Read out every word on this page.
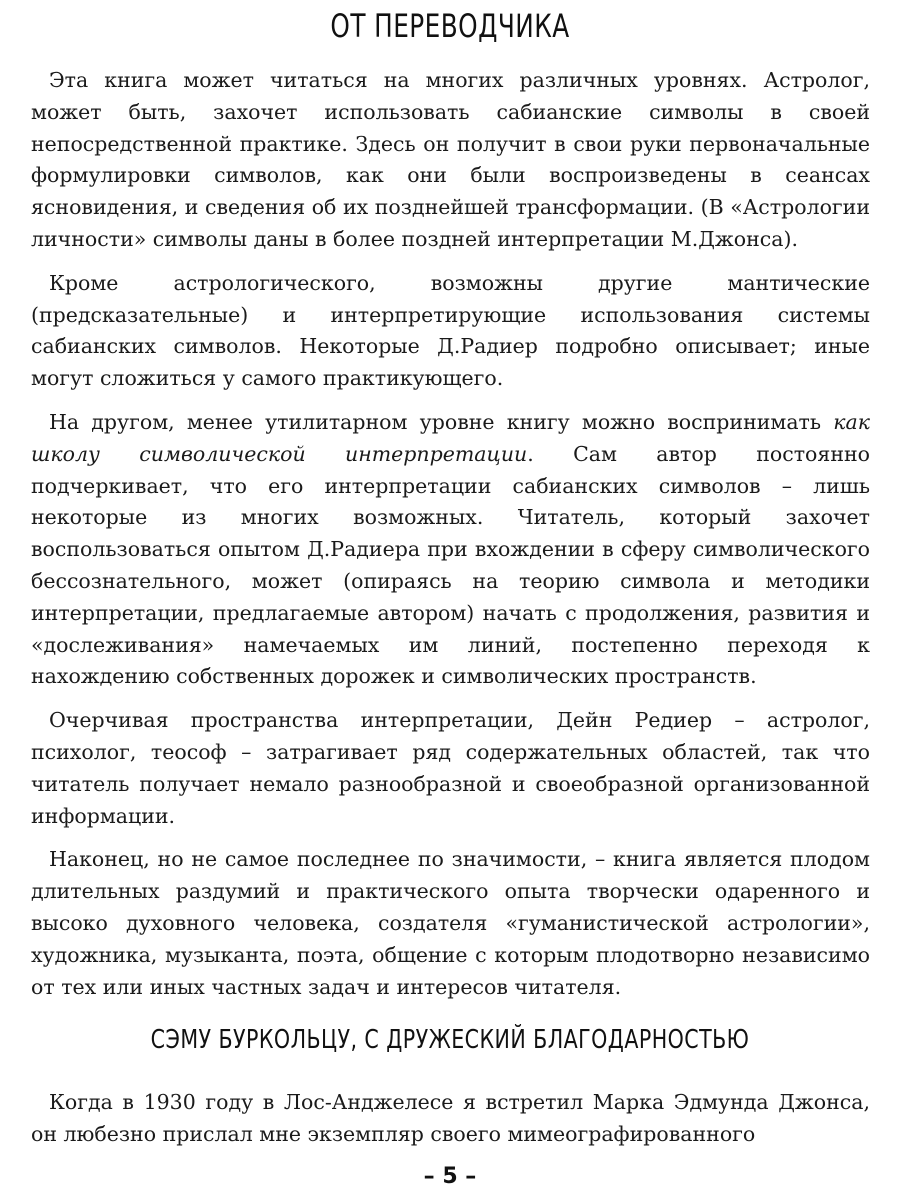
ОТ ПЕРЕВОДЧИКА

Эта книга может читаться на многих различных уровнях. Астролог, может быть, захочет использовать сабианские символы в своей непосредственной практике. Здесь он получит в свои руки первоначальные формулировки символов, как они были воспроизведены в сеансах ясновидения, и сведения об их позднейшей трансформации. (В «Астрологии личности» символы даны в более поздней интерпретации М.Джонса).

Кроме астрологического, возможны другие мантические (предсказательные) и интерпретирующие использования системы сабианских символов. Некоторые Д.Радиер подробно описывает; иные могут сложиться у самого практикующего.

На другом, менее утилитарном уровне книгу можно воспринимать как школу символической интерпретации. Сам автор постоянно подчеркивает, что его интерпретации сабианских символов – лишь некоторые из многих возможных. Читатель, который захочет воспользоваться опытом Д.Радиера при вхождении в сферу символического бессознательного, может (опираясь на теорию символа и методики интерпретации, предлагаемые автором) начать с продолжения, развития и «дослеживания» намечаемых им линий, постепенно переходя к нахождению собственных дорожек и символических пространств.

Очерчивая пространства интерпретации, Дейн Редиер – астролог, психолог, теософ – затрагивает ряд содержательных областей, так что читатель получает немало разнообразной и своеобразной организованной информации.

Наконец, но не самое последнее по значимости, – книга является плодом длительных раздумий и практического опыта творчески одаренного и высоко духовного человека, создателя «гуманистической астрологии», художника, музыканта, поэта, общение с которым плодотворно независимо от тех или иных частных задач и интересов читателя.

СЭМУ БУРКОЛЬЦУ, С ДРУЖЕСКИЙ БЛАГОДАРНОСТЬЮ

Когда в 1930 году в Лос-Анджелесе я встретил Марка Эдмунда Джонса, он любезно прислал мне экземпляр своего мимеографированного

– 5 –
